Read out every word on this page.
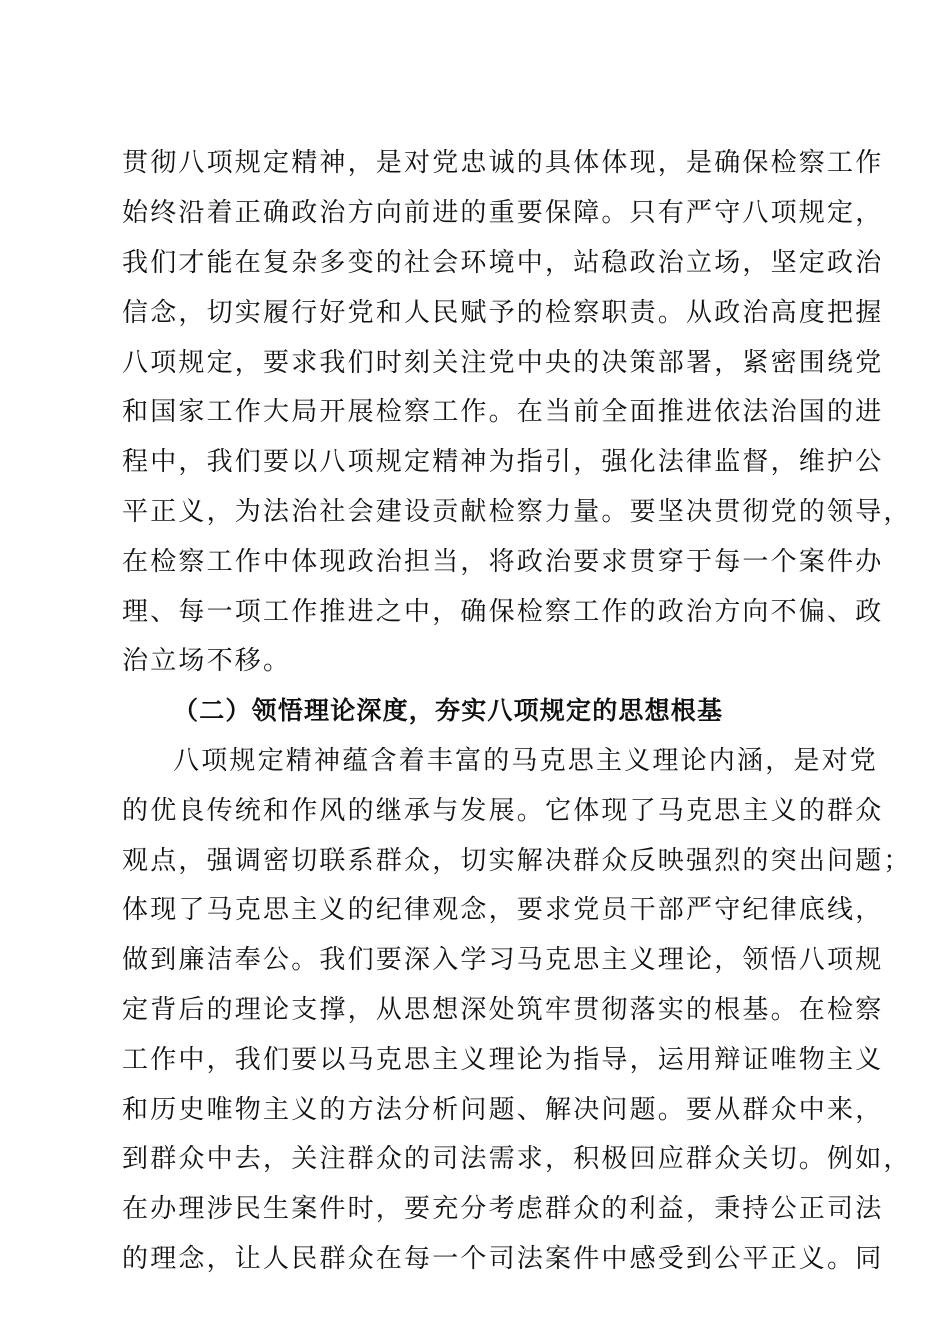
贯彻八项规定精神，是对党忠诚的具体体现，是确保检察工作
始终沿着正确政治方向前进的重要保障。只有严守八项规定，
我们才能在复杂多变的社会环境中，站稳政治立场，坚定政治
信念，切实履行好党和人民赋予的检察职责。从政治高度把握
八项规定，要求我们时刻关注党中央的决策部署，紧密围绕党
和国家工作大局开展检察工作。在当前全面推进依法治国的进
程中，我们要以八项规定精神为指引，强化法律监督，维护公
平正义，为法治社会建设贡献检察力量。要坚决贯彻党的领导，
在检察工作中体现政治担当，将政治要求贯穿于每一个案件办
理、每一项工作推进之中，确保检察工作的政治方向不偏、政
治立场不移。
（二）领悟理论深度，夯实八项规定的思想根基
八项规定精神蕴含着丰富的马克思主义理论内涵，是对党
的优良传统和作风的继承与发展。它体现了马克思主义的群众
观点，强调密切联系群众，切实解决群众反映强烈的突出问题；
体现了马克思主义的纪律观念，要求党员干部严守纪律底线，
做到廉洁奉公。我们要深入学习马克思主义理论，领悟八项规
定背后的理论支撑，从思想深处筑牢贯彻落实的根基。在检察
工作中，我们要以马克思主义理论为指导，运用辩证唯物主义
和历史唯物主义的方法分析问题、解决问题。要从群众中来，
到群众中去，关注群众的司法需求，积极回应群众关切。例如，
在办理涉民生案件时，要充分考虑群众的利益，秉持公正司法
的理念，让人民群众在每一个司法案件中感受到公平正义。同
